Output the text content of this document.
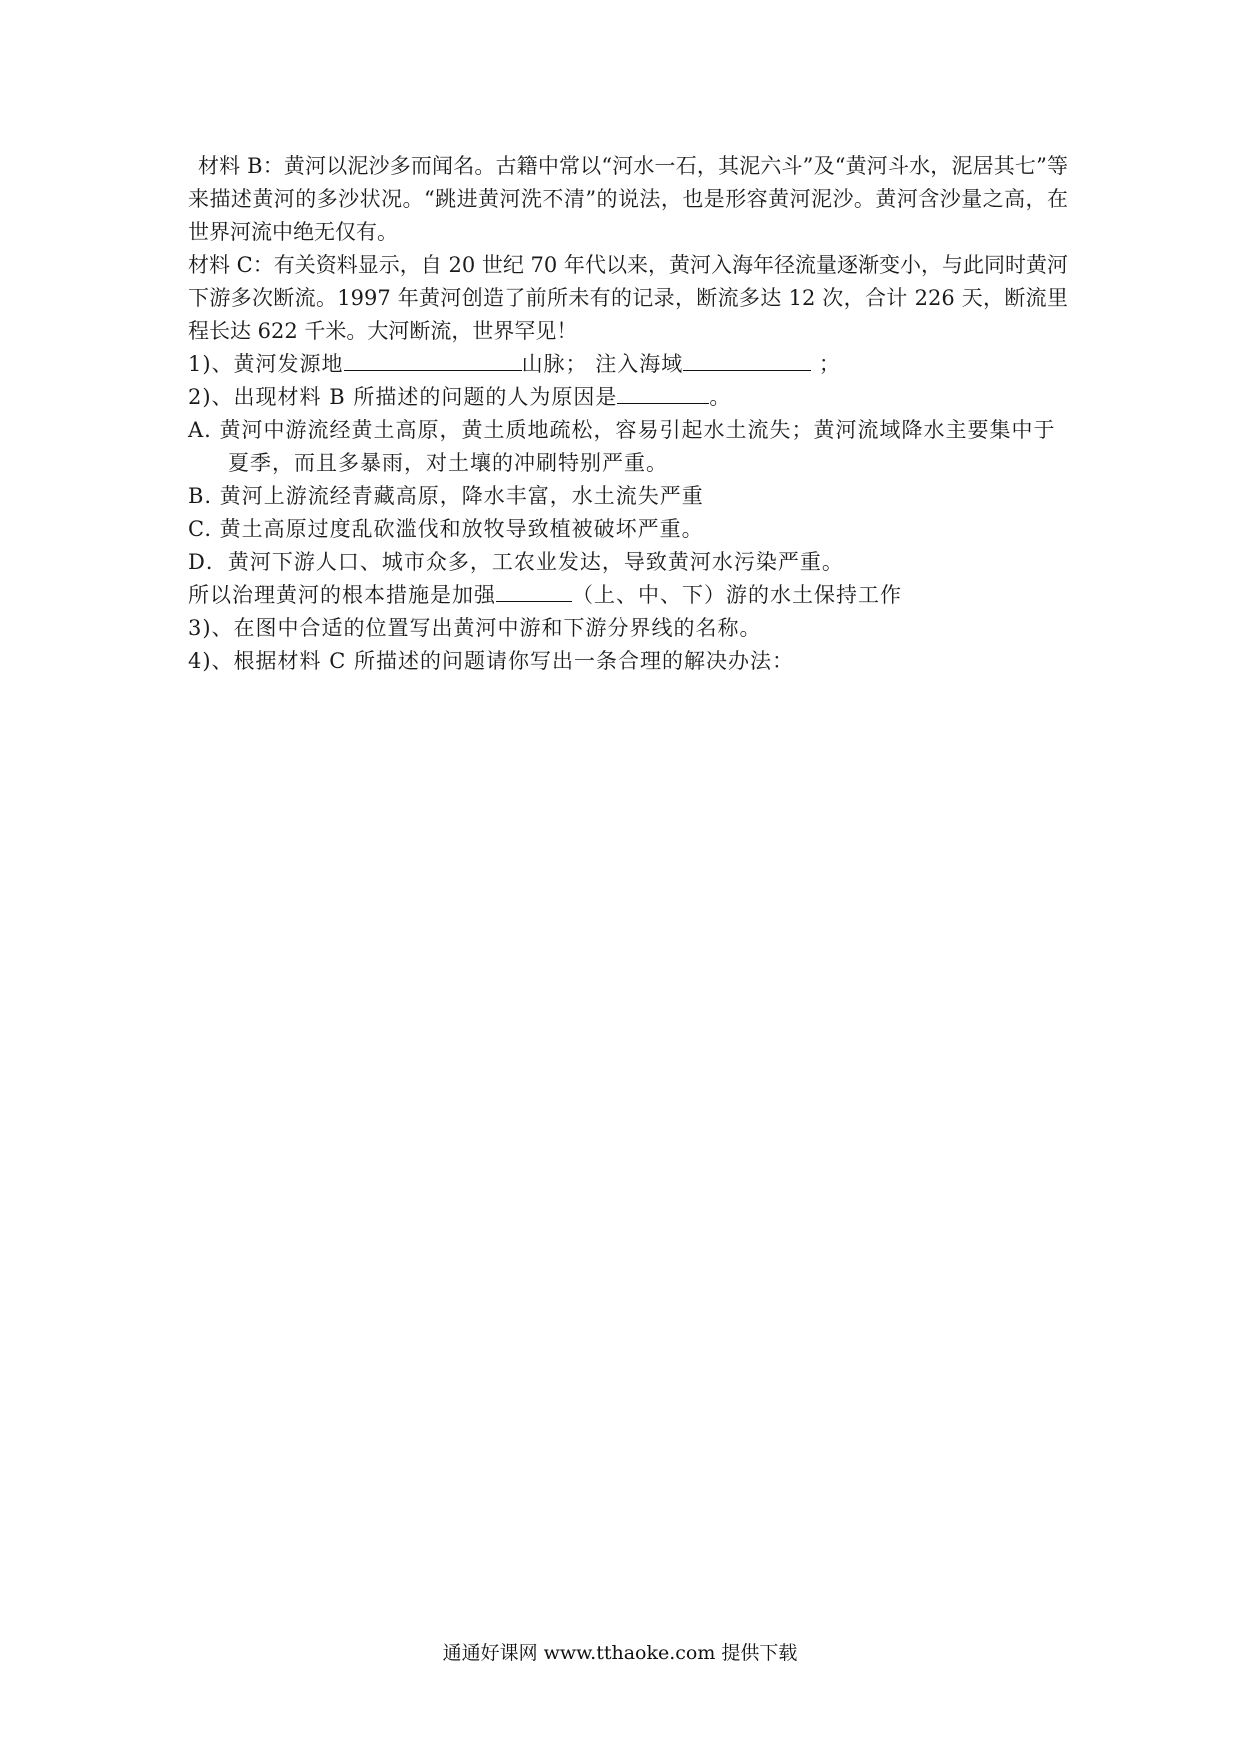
材料 B：黄河以泥沙多而闻名。古籍中常以“河水一石，其泥六斗”及“黄河斗水，泥居其七”等来描述黄河的多沙状况。“跳进黄河洗不清”的说法，也是形容黄河泥沙。黄河含沙量之高，在世界河流中绝无仅有。

材料 C：有关资料显示，自 20 世纪 70 年代以来，黄河入海年径流量逐渐变小，与此同时黄河下游多次断流。1997 年黄河创造了前所未有的记录，断流多达 12 次，合计 226 天，断流里程长达 622 千米。大河断流，世界罕见！

1)、黄河发源地	山脉； 注入海域	；

2)、出现材料 B 所描述的问题的人为原因是	。

A. 黄河中游流经黄土高原，黄土质地疏松，容易引起水土流失；黄河流域降水主要集中于夏季，而且多暴雨，对土壤的冲刷特别严重。

B. 黄河上游流经青藏高原，降水丰富，水土流失严重

C. 黄土高原过度乱砍滥伐和放牧导致植被破坏严重。

D．黄河下游人口、城市众多，工农业发达，导致黄河水污染严重。

所以治理黄河的根本措施是加强	（上、中、下）游的水土保持工作

3)、在图中合适的位置写出黄河中游和下游分界线的名称。

4)、根据材料 C 所描述的问题请你写出一条合理的解决办法：

通通好课网 www.tthaoke.com 提供下载
